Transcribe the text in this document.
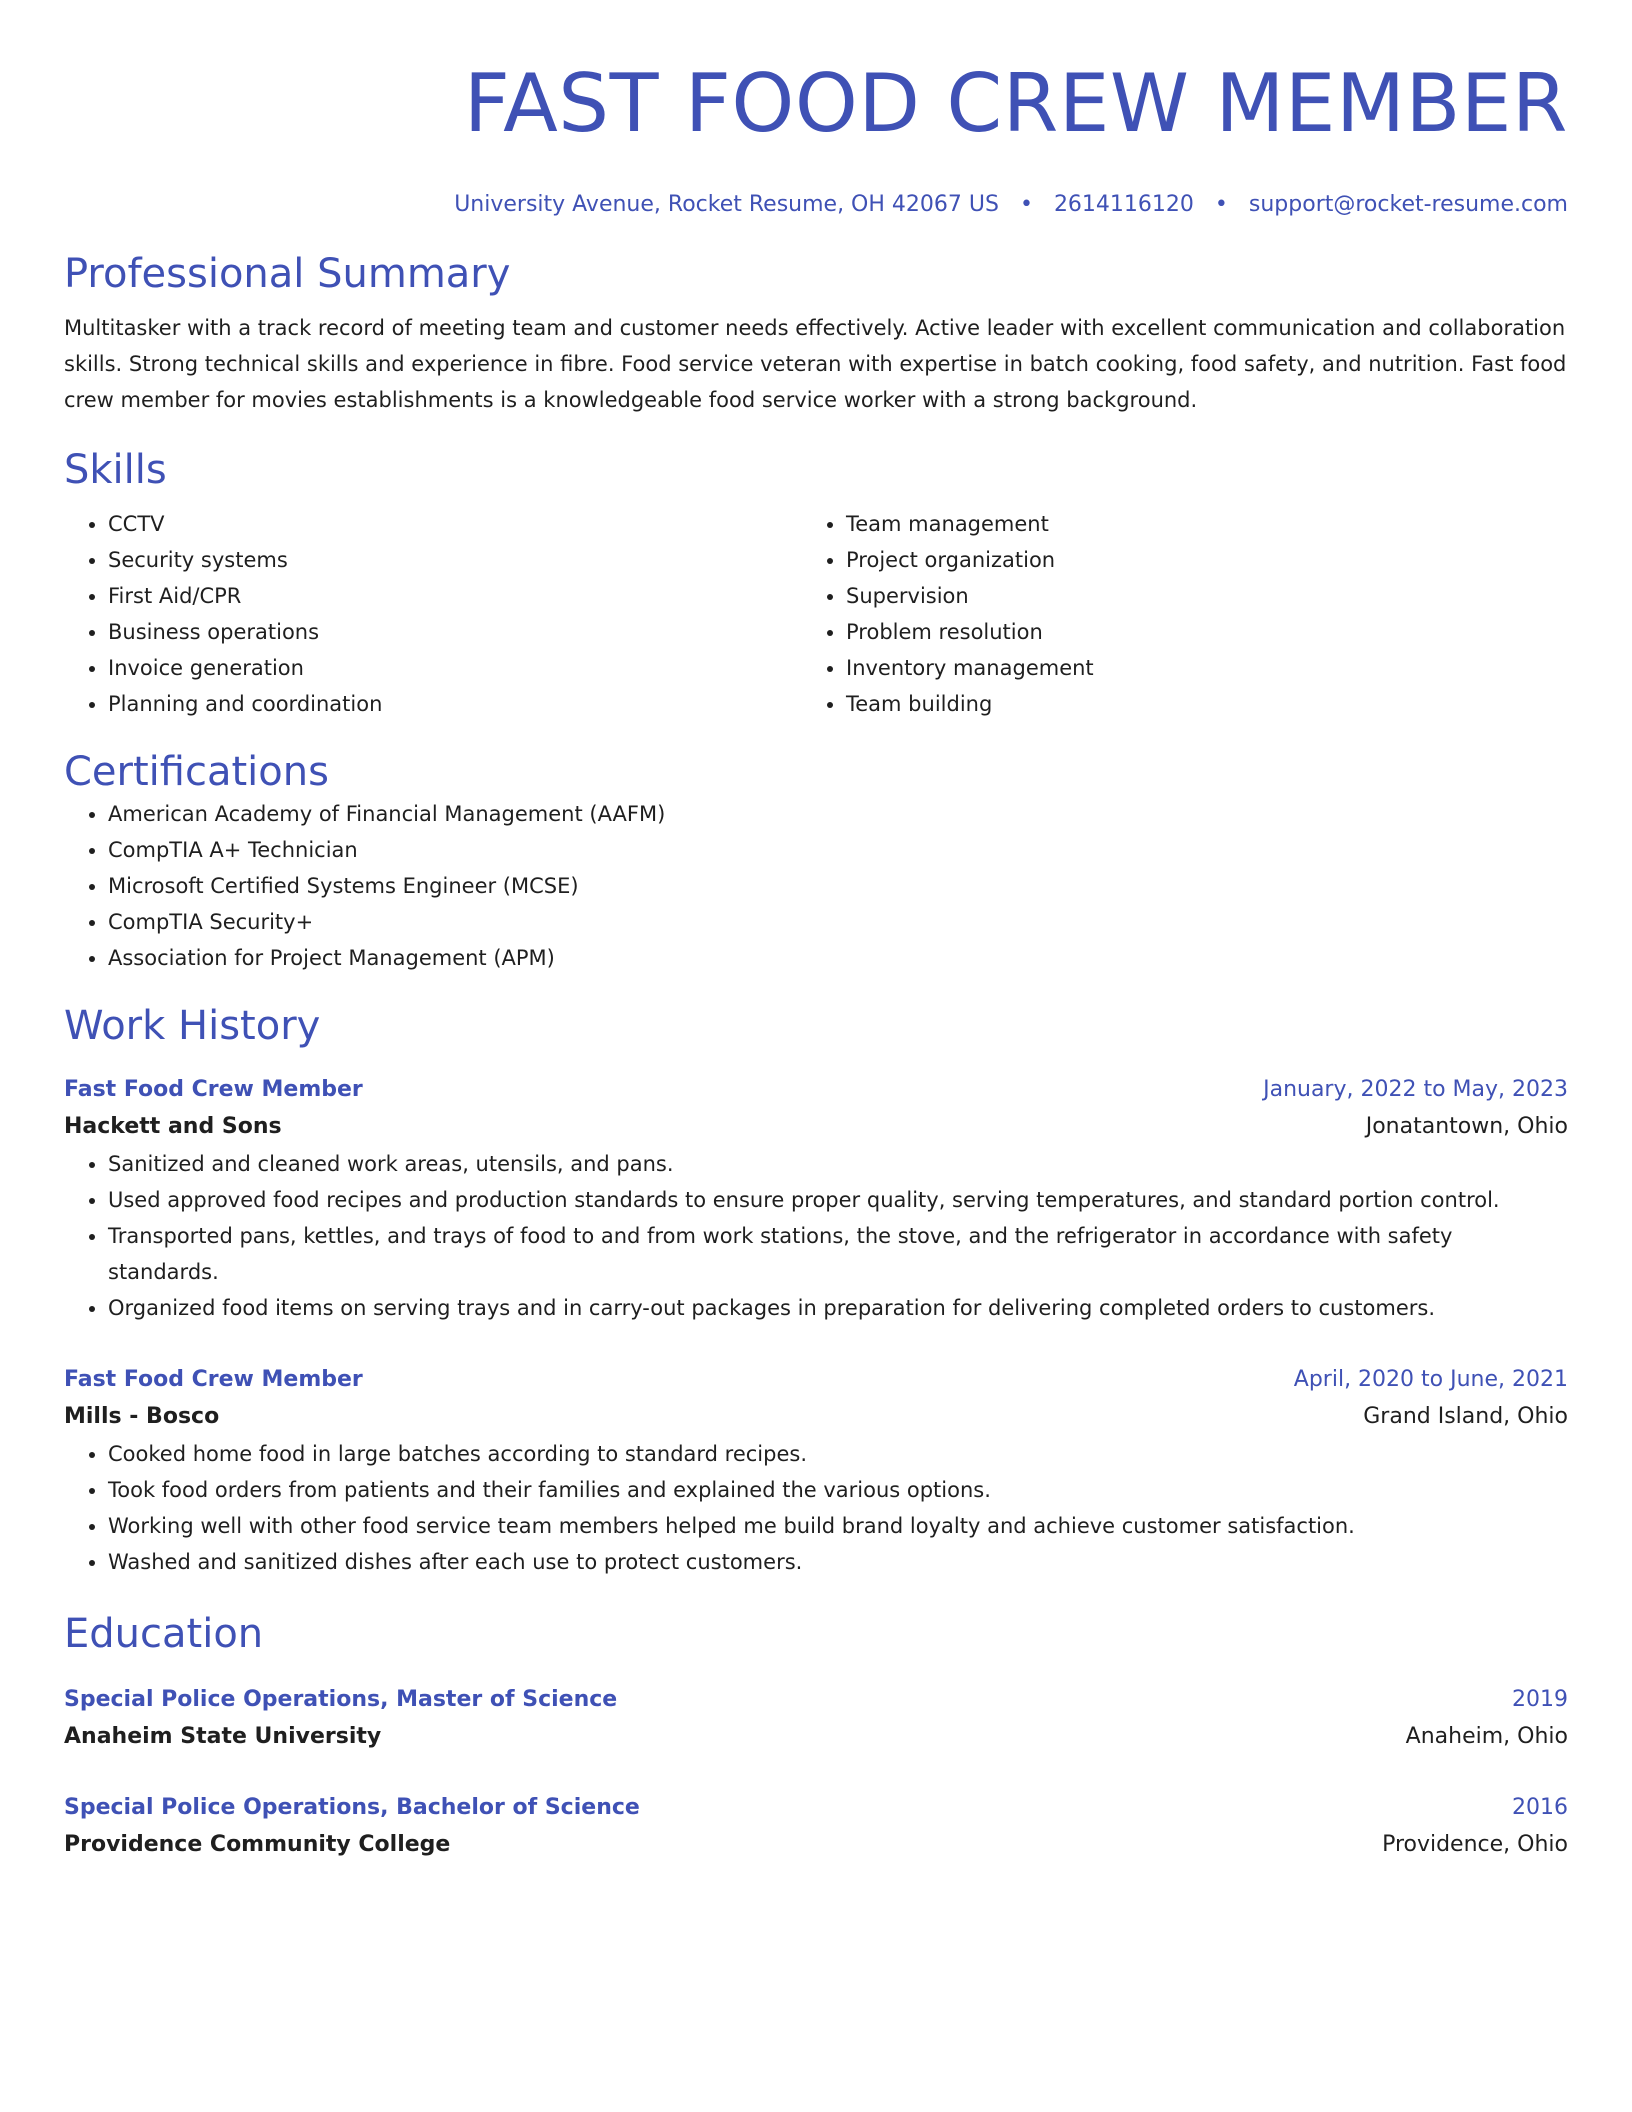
FAST FOOD CREW MEMBER
University Avenue, Rocket Resume, OH 42067 US • 2614116120 • support@rocket-resume.com
Professional Summary
Multitasker with a track record of meeting team and customer needs effectively. Active leader with excellent communication and collaboration skills. Strong technical skills and experience in fibre. Food service veteran with expertise in batch cooking, food safety, and nutrition. Fast food crew member for movies establishments is a knowledgeable food service worker with a strong background.
Skills
• CCTV
• Security systems
• First Aid/CPR
• Business operations
• Invoice generation
• Planning and coordination
• Team management
• Project organization
• Supervision
• Problem resolution
• Inventory management
• Team building
Certifications
• American Academy of Financial Management (AAFM)
• CompTIA A+ Technician
• Microsoft Certified Systems Engineer (MCSE)
• CompTIA Security+
• Association for Project Management (APM)
Work History
Fast Food Crew Member	January, 2022 to May, 2023
Hackett and Sons	Jonatantown, Ohio
• Sanitized and cleaned work areas, utensils, and pans.
• Used approved food recipes and production standards to ensure proper quality, serving temperatures, and standard portion control.
• Transported pans, kettles, and trays of food to and from work stations, the stove, and the refrigerator in accordance with safety standards.
• Organized food items on serving trays and in carry-out packages in preparation for delivering completed orders to customers.
Fast Food Crew Member	April, 2020 to June, 2021
Mills - Bosco	Grand Island, Ohio
• Cooked home food in large batches according to standard recipes.
• Took food orders from patients and their families and explained the various options.
• Working well with other food service team members helped me build brand loyalty and achieve customer satisfaction.
• Washed and sanitized dishes after each use to protect customers.
Education
Special Police Operations, Master of Science	2019
Anaheim State University	Anaheim, Ohio
Special Police Operations, Bachelor of Science	2016
Providence Community College	Providence, Ohio
